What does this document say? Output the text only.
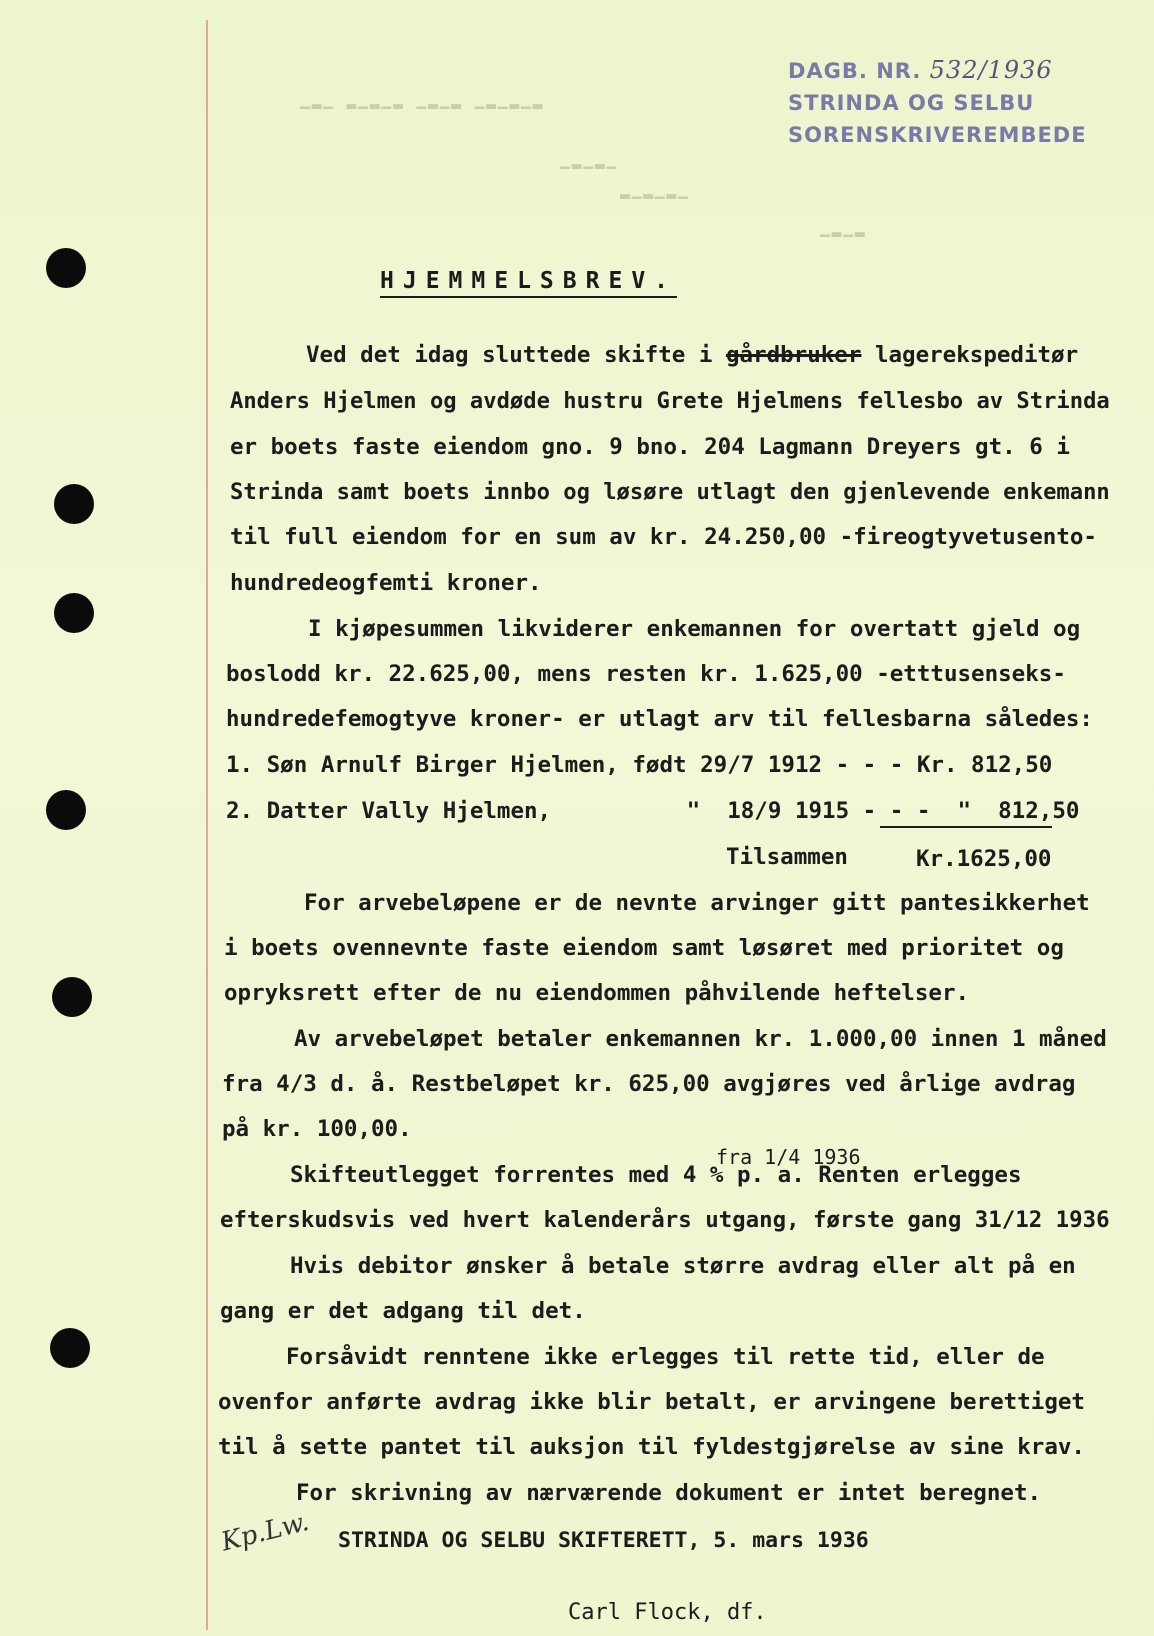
▁▂▁ ▂▁▂▁▂ ▁▂▁▂ ▁▂▁▂▁▂
▁▂▁▂▁
▂▁▂▁▂▁
▁▂▁▂
DAGB. NR. 532/1936
STRINDA OG SELBU
SORENSKRIVEREMBEDE
HJEMMELSBREV.
Ved det idag sluttede skifte i gårdbruker lagerekspeditør
Anders Hjelmen og avdøde hustru Grete Hjelmens fellesbo av Strinda
er boets faste eiendom gno. 9 bno. 204 Lagmann Dreyers gt. 6 i
Strinda samt boets innbo og løsøre utlagt den gjenlevende enkemann
til full eiendom for en sum av kr. 24.250,00 -fireogtyvetusento-
hundredeogfemti kroner.
I kjøpesummen likviderer enkemannen for overtatt gjeld og
boslodd kr. 22.625,00, mens resten kr. 1.625,00 -etttusenseks-
hundredefemogtyve kroner- er utlagt arv til fellesbarna således:
1. Søn Arnulf Birger Hjelmen, født 29/7 1912 - - - Kr. 812,50
2. Datter Vally Hjelmen,          "  18/9 1915 - - -  "  812,50
Tilsammen	Kr.1625,00
For arvebeløpene er de nevnte arvinger gitt pantesikkerhet
i boets ovennevnte faste eiendom samt løsøret med prioritet og
opryksrett efter de nu eiendommen påhvilende heftelser.
Av arvebeløpet betaler enkemannen kr. 1.000,00 innen 1 måned
fra 4/3 d. å. Restbeløpet kr. 625,00 avgjøres ved årlige avdrag
på kr. 100,00.
fra 1/4 1936
Skifteutlegget forrentes med 4 % p. a. Renten erlegges
efterskudsvis ved hvert kalenderårs utgang, første gang 31/12 1936
Hvis debitor ønsker å betale større avdrag eller alt på en
gang er det adgang til det.
Forsåvidt renntene ikke erlegges til rette tid, eller de
ovenfor anførte avdrag ikke blir betalt, er arvingene berettiget
til å sette pantet til auksjon til fyldestgjørelse av sine krav.
For skrivning av nærværende dokument er intet beregnet.
Kp.Lw. STRINDA OG SELBU SKIFTERETT, 5. mars 1936
Carl Flock, df.
